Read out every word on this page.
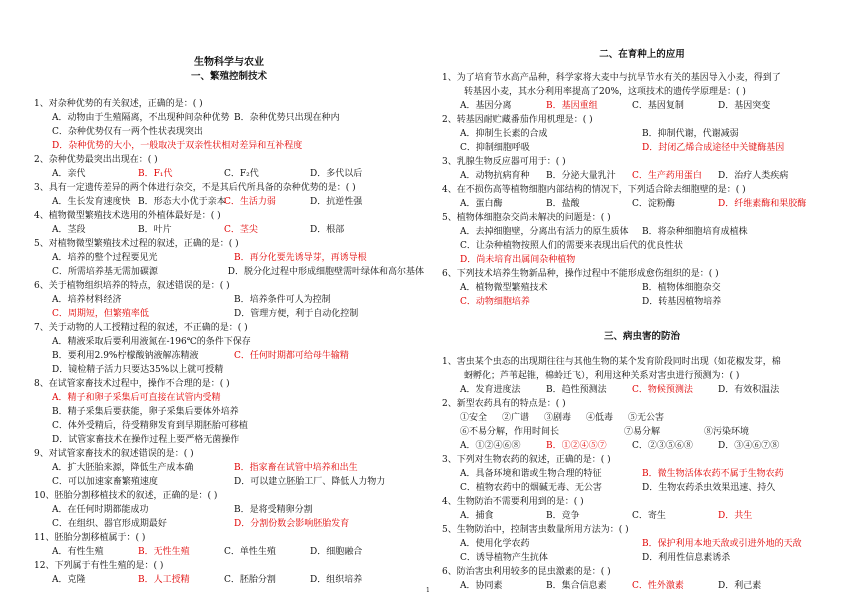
生物科学与农业
一、繁殖控制技术
1、对杂种优势的有关叙述，正确的是：( )
A．动物由于生殖隔离，不出现种间杂种优势 B．杂种优势只出现在种内
C．杂种优势仅有一两个性状表现突出
D．杂种优势的大小，一般取决于双亲性状相对差异和互补程度
2、杂种优势最突出出现在：( )
A．亲代	B．F₁代	C．F₂代	D．多代以后
3、具有一定遗传差异的两个体进行杂交，不是其后代所具备的杂种优势的是：( )
A．生长发育速度快 B．形态大小优于亲本
C．生活力弱	D．抗逆性强
4、植物微型繁殖技术选用的外植体最好是：( )
A．茎段	B．叶片	C．茎尖	D．根部
5、对植物微型繁殖技术过程的叙述，正确的是：( )
A．培养的整个过程要见光	B．再分化要先诱导芽，再诱导根
C．所需培养基无需加碳源	D．脱分化过程中形成细胞壁需叶绿体和高尔基体
6、关于植物组织培养的特点，叙述错误的是：( )
A．培养材料经济	B．培养条件可人为控制
C．周期短，但繁殖率低	D．管理方便，利于自动化控制
7、关于动物的人工授精过程的叙述，不正确的是：( )
A．精液采取后要利用液氮在-196℃的条件下保存
B．要利用2.9%柠檬酸钠液解冻精液	C．任何时期都可给母牛输精
D．镜检精子活力只要达35%以上就可授精
8、在试管家畜技术过程中，操作不合理的是：( )
A．精子和卵子采集后可直接在试管内受精
B．精子采集后要获能，卵子采集后要体外培养
C．体外受精后，待受精卵发育到早期胚胎可移植
D．试管家畜技术在操作过程上要严格无菌操作
9、对试管家畜技术的叙述错误的是：( )
A．扩大胚胎来源，降低生产成本确	B．指家畜在试管中培养和出生
C．可以加速家畜繁殖速度	D．可以建立胚胎工厂、降低人力物力
10、胚胎分割移植技术的叙述，正确的是：( )
A．在任何时期都能成功	B．是将受精卵分割
C．在组织、器官形成期最好	D．分割份数会影响胚胎发育
11、胚胎分割移植属于：( )
A．有性生殖	B．无性生殖	C．单性生殖	D．细胞融合
12、下列属于有性生殖的是：( )
A．克隆	B．人工授精	C．胚胎分割	D．组织培养
二、在育种上的应用
1、为了培育节水高产品种，科学家将大麦中与抗旱节水有关的基因导入小麦，得到了
转基因小麦，其水分利用率提高了20%，这项技术的遗传学原理是：( )
A．基因分离	B．基因重组	C．基因复制	D．基因突变
2、转基因耐贮藏番茄作用机理是：( )
A．抑制生长素的合成	B．抑制代谢，代谢减弱
C．抑制细胞呼吸	D．封闭乙烯合成途径中关键酶基因
3、乳腺生物反应器可用于：( )
A．动物抗病育种	B．分泌大量乳汁	C．生产药用蛋白	D．治疗人类疾病
4、在不损伤高等植物细胞内部结构的情况下，下列适合除去细胞壁的是：( )
A．蛋白酶	B．盐酸	C．淀粉酶	D．纤维素酶和果胶酶
5、植物体细胞杂交尚未解决的问题是：( )
A．去掉细胞壁，分离出有活力的原生质体	B．将杂种细胞培育成植株
C．让杂种植物按照人们的需要来表现出后代的优良性状
D．尚未培育出属间杂种植物
6、下列技术培养生物新品种，操作过程中不能形成愈伤组织的是：( )
A．植物微型繁殖技术	B．植物体细胞杂交
C．动物细胞培养	D．转基因植物培养
三、病虫害的防治
1、害虫某个虫态的出现期往往与其他生物的某个发育阶段同时出现（如花椒发芽，棉
蚜孵化；芦苇起锥，棉蛉迁飞），利用这种关系对害虫进行预测为：( )
A．发育进度法	B．趋性预测法	C．物候预测法	D．有效积温法
2、新型农药具有的特点是：( )
①安全	②广谱	③剧毒	④低毒	⑤无公害
⑥不易分解，作用时间长	⑦易分解	⑧污染环境
A．①②④⑥⑧	B．①②④⑤⑦	C．②③⑤⑥⑧	D．③④⑥⑦⑧
3、下列对生物农药的叙述，正确的是：( )
A．具备环境和谐或生物合理的特征	B．微生物活体农药不属于生物农药
C．植物农药中的烟碱无毒、无公害	D．生物农药杀虫效果迅速、持久
4、生物防治不需要利用到的是：( )
A．捕食	B．竞争	C．寄生	D．共生
5、生物防治中，控制害虫数量所用方法为：( )
A．使用化学农药	B．保护利用本地天敌或引进外地的天敌
C．诱导植物产生抗体	D．利用性信息素诱杀
6、防治害虫利用较多的昆虫激素的是：( )
A．协同素	B．集合信息素	C．性外激素	D．利己素
1
